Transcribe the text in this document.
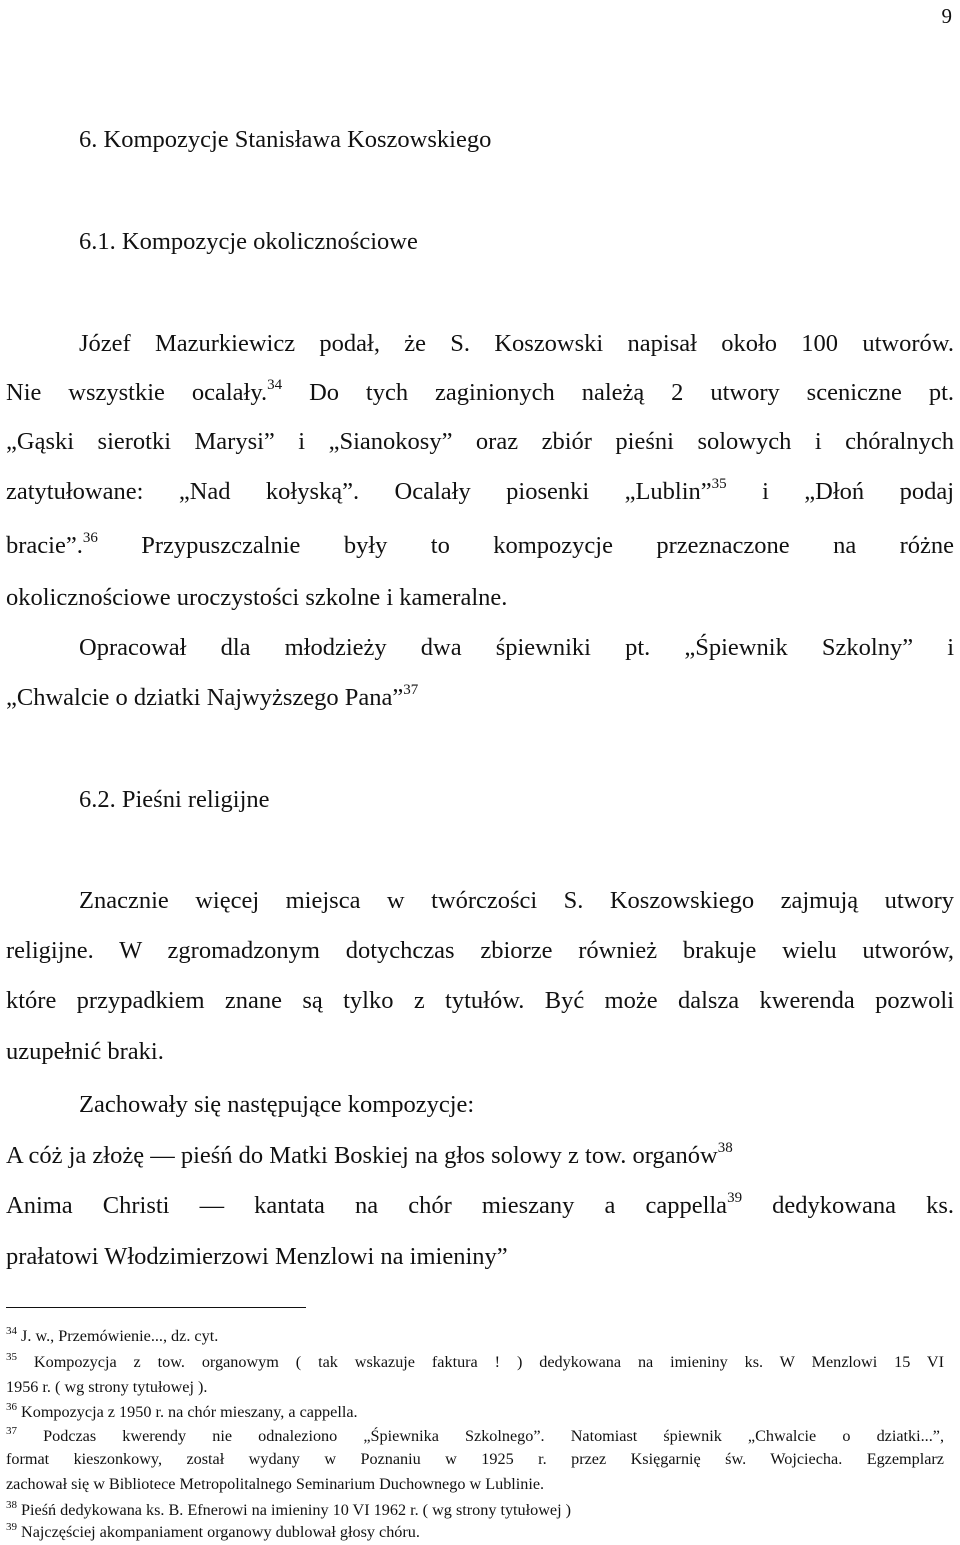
9
6. Kompozycje Stanisława Koszowskiego
6.1. Kompozycje okolicznościowe
Józef Mazurkiewicz podał, że S. Koszowski napisał około 100 utworów.
Nie wszystkie ocalały.$^{34}$ Do tych zaginionych należą 2 utwory sceniczne pt.
„Gąski sierotki Marysi” i „Sianokosy” oraz zbiór pieśni solowych i chóralnych
zatytułowane: „Nad kołyską”. Ocalały piosenki „Lublin”$^{35}$ i „Dłoń podaj
bracie”.$^{36}$ Przypuszczalnie były to kompozycje przeznaczone na różne
okolicznościowe uroczystości szkolne i kameralne.
Opracował dla młodzieży dwa śpiewniki pt. „Śpiewnik Szkolny” i
„Chwalcie o dziatki Najwyższego Pana”$^{37}$
6.2. Pieśni religijne
Znacznie więcej miejsca w twórczości S. Koszowskiego zajmują utwory
religijne. W zgromadzonym dotychczas zbiorze również brakuje wielu utworów,
które przypadkiem znane są tylko z tytułów. Być może dalsza kwerenda pozwoli
uzupełnić braki.
Zachowały się następujące kompozycje:
A cóż ja złożę — pieśń do Matki Boskiej na głos solowy z tow. organów$^{38}$
Anima Christi — kantata na chór mieszany a cappella$^{39}$ dedykowana ks.
prałatowi Włodzimierzowi Menzlowi na imieniny”
$^{34}$ J. w., Przemówienie..., dz. cyt.
$^{35}$ Kompozycja z tow. organowym ( tak wskazuje faktura ! ) dedykowana na imieniny ks. W Menzlowi 15 VI
1956 r. ( wg strony tytułowej ).
$^{36}$ Kompozycja z 1950 r. na chór mieszany, a cappella.
$^{37}$ Podczas kwerendy nie odnaleziono „Śpiewnika Szkolnego”. Natomiast śpiewnik „Chwalcie o dziatki...”,
format kieszonkowy, został wydany w Poznaniu w 1925 r. przez Księgarnię św. Wojciecha. Egzemplarz
zachował się w Bibliotece Metropolitalnego Seminarium Duchownego w Lublinie.
$^{38}$ Pieśń dedykowana ks. B. Efnerowi na imieniny 10 VI 1962 r. ( wg strony tytułowej )
$^{39}$ Najczęściej akompaniament organowy dublował głosy chóru.
